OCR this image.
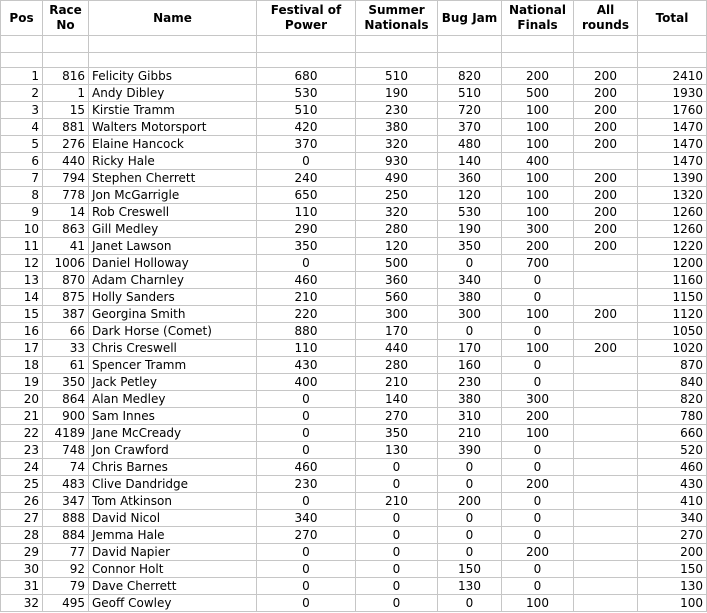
Pos	Race No	Name	Festival of Power	Summer Nationals	Bug Jam	National Finals	All rounds	Total

1	816	Felicity Gibbs	680	510	820	200	200	2410
2	1	Andy Dibley	530	190	510	500	200	1930
3	15	Kirstie Tramm	510	230	720	100	200	1760
4	881	Walters Motorsport	420	380	370	100	200	1470
5	276	Elaine Hancock	370	320	480	100	200	1470
6	440	Ricky Hale	0	930	140	400		1470
7	794	Stephen Cherrett	240	490	360	100	200	1390
8	778	Jon McGarrigle	650	250	120	100	200	1320
9	14	Rob Creswell	110	320	530	100	200	1260
10	863	Gill Medley	290	280	190	300	200	1260
11	41	Janet Lawson	350	120	350	200	200	1220
12	1006	Daniel Holloway	0	500	0	700		1200
13	870	Adam Charnley	460	360	340	0		1160
14	875	Holly Sanders	210	560	380	0		1150
15	387	Georgina Smith	220	300	300	100	200	1120
16	66	Dark Horse (Comet)	880	170	0	0		1050
17	33	Chris Creswell	110	440	170	100	200	1020
18	61	Spencer Tramm	430	280	160	0		870
19	350	Jack Petley	400	210	230	0		840
20	864	Alan Medley	0	140	380	300		820
21	900	Sam Innes	0	270	310	200		780
22	4189	Jane McCready	0	350	210	100		660
23	748	Jon Crawford	0	130	390	0		520
24	74	Chris Barnes	460	0	0	0		460
25	483	Clive Dandridge	230	0	0	200		430
26	347	Tom Atkinson	0	210	200	0		410
27	888	David Nicol	340	0	0	0		340
28	884	Jemma Hale	270	0	0	0		270
29	77	David Napier	0	0	0	200		200
30	92	Connor Holt	0	0	150	0		150
31	79	Dave Cherrett	0	0	130	0		130
32	495	Geoff Cowley	0	0	0	100		100
